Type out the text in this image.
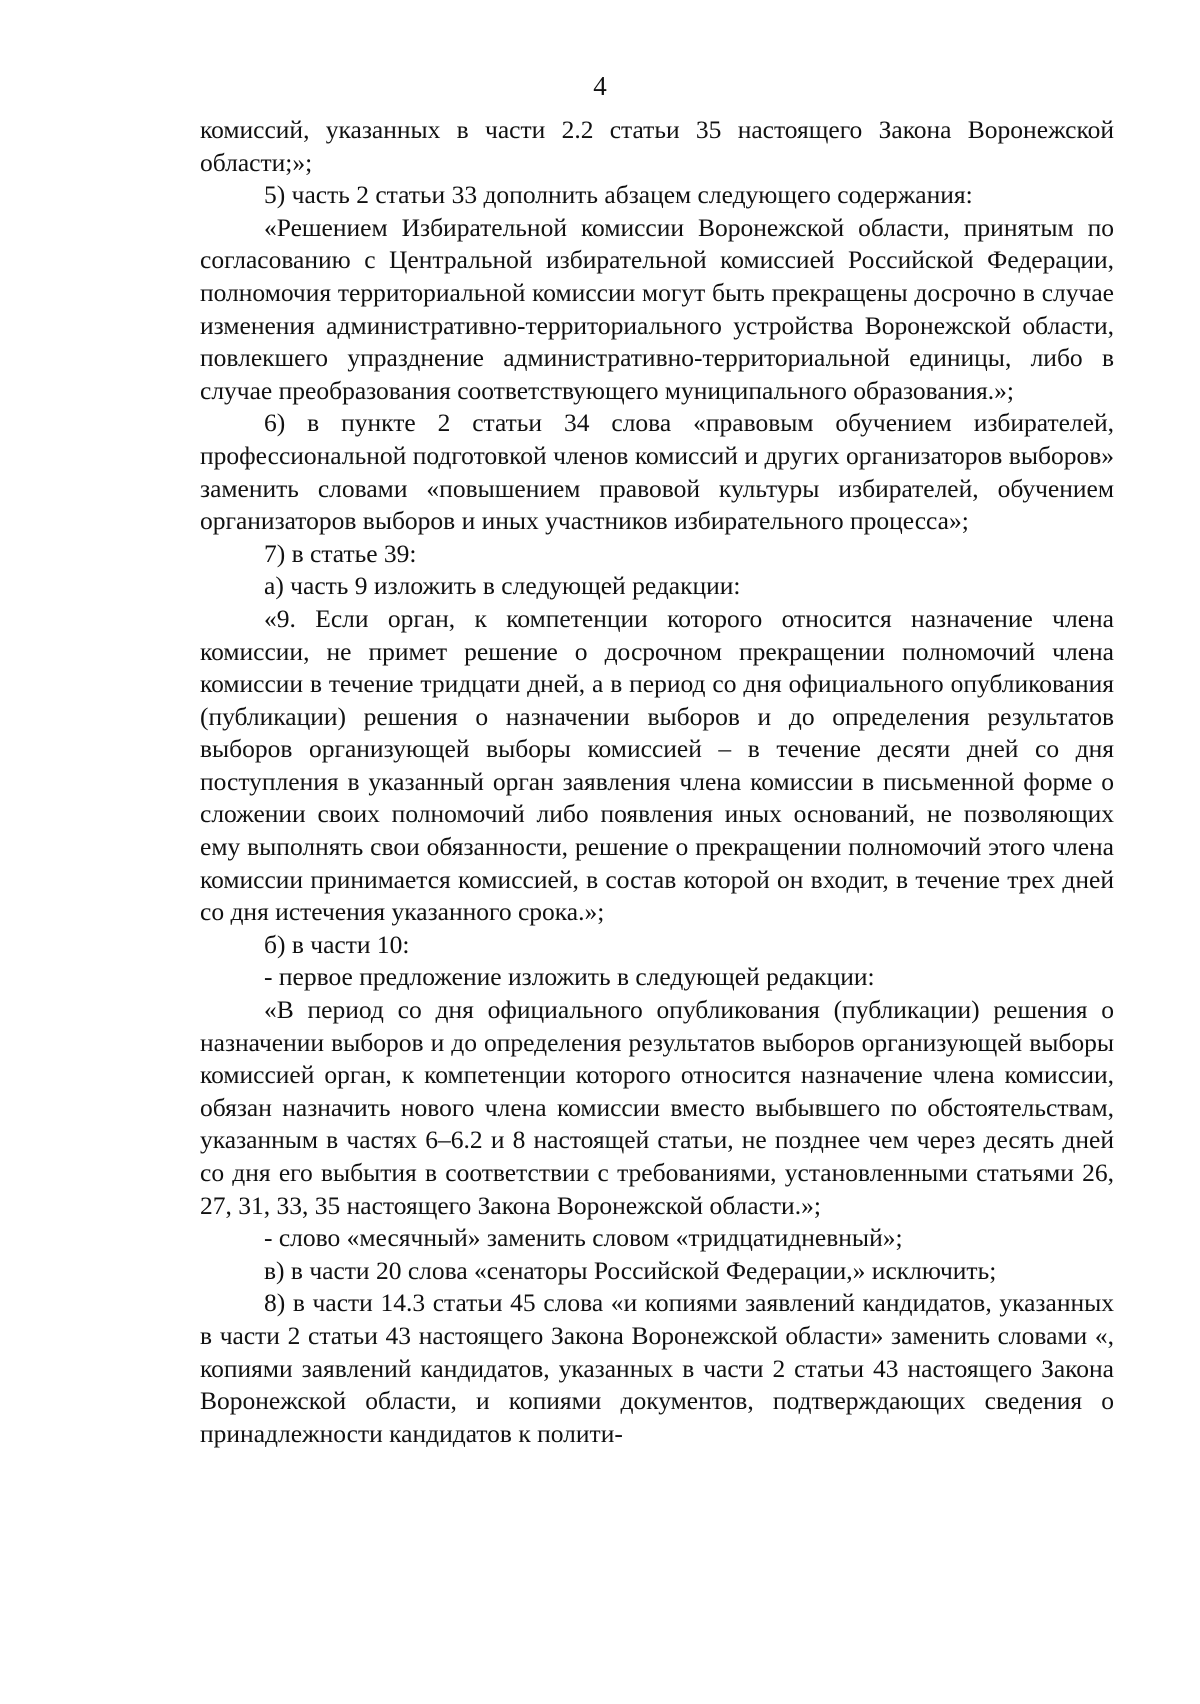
4

комиссий, указанных в части 2.2 статьи 35 настоящего Закона Воронежской области;»;

5) часть 2 статьи 33 дополнить абзацем следующего содержания:

«Решением Избирательной комиссии Воронежской области, принятым по согласованию с Центральной избирательной комиссией Российской Федерации, полномочия территориальной комиссии могут быть прекращены досрочно в случае изменения административно-территориального устройства Воронежской области, повлекшего упразднение административно-территориальной единицы, либо в случае преобразования соответствующего муниципального образования.»;

6) в пункте 2 статьи 34 слова «правовым обучением избирателей, профессиональной подготовкой членов комиссий и других организаторов выборов» заменить словами «повышением правовой культуры избирателей, обучением организаторов выборов и иных участников избирательного процесса»;

7) в статье 39:

а) часть 9 изложить в следующей редакции:

«9. Если орган, к компетенции которого относится назначение члена комиссии, не примет решение о досрочном прекращении полномочий члена комиссии в течение тридцати дней, а в период со дня официального опубликования (публикации) решения о назначении выборов и до определения результатов выборов организующей выборы комиссией – в течение десяти дней со дня поступления в указанный орган заявления члена комиссии в письменной форме о сложении своих полномочий либо появления иных оснований, не позволяющих ему выполнять свои обязанности, решение о прекращении полномочий этого члена комиссии принимается комиссией, в состав которой он входит, в течение трех дней со дня истечения указанного срока.»;

б) в части 10:

- первое предложение изложить в следующей редакции:

«В период со дня официального опубликования (публикации) решения о назначении выборов и до определения результатов выборов организующей выборы комиссией орган, к компетенции которого относится назначение члена комиссии, обязан назначить нового члена комиссии вместо выбывшего по обстоятельствам, указанным в частях 6–6.2 и 8 настоящей статьи, не позднее чем через десять дней со дня его выбытия в соответствии с требованиями, установленными статьями 26, 27, 31, 33, 35 настоящего Закона Воронежской области.»;

- слово «месячный» заменить словом «тридцатидневный»;

в) в части 20 слова «сенаторы Российской Федерации,» исключить;

8) в части 14.3 статьи 45 слова «и копиями заявлений кандидатов, указанных в части 2 статьи 43 настоящего Закона Воронежской области» заменить словами «, копиями заявлений кандидатов, указанных в части 2 статьи 43 настоящего Закона Воронежской области, и копиями документов, подтверждающих сведения о принадлежности кандидатов к полити-
